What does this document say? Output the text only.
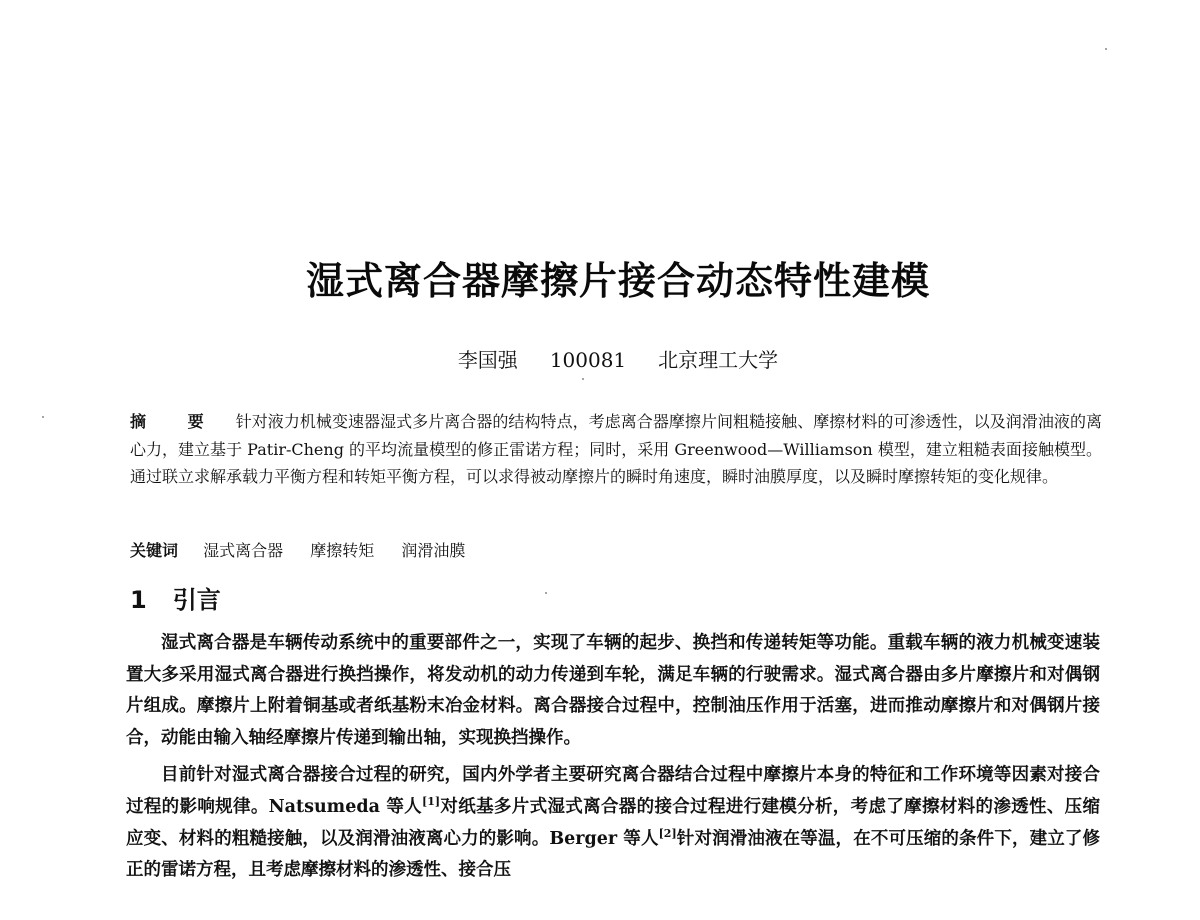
湿式离合器摩擦片接合动态特性建模
李国强 100081 北京理工大学
摘 要 针对液力机械变速器湿式多片离合器的结构特点，考虑离合器摩擦片间粗糙接触、摩擦材料的可渗透性，以及润滑油液的离心力，建立基于 Patir-Cheng 的平均流量模型的修正雷诺方程；同时，采用 Greenwood—Williamson 模型，建立粗糙表面接触模型。通过联立求解承载力平衡方程和转矩平衡方程，可以求得被动摩擦片的瞬时角速度，瞬时油膜厚度，以及瞬时摩擦转矩的变化规律。
关键词 湿式离合器 摩擦转矩 润滑油膜
1 引言

湿式离合器是车辆传动系统中的重要部件之一，实现了车辆的起步、换挡和传递转矩等功能。重载车辆的液力机械变速装置大多采用湿式离合器进行换挡操作，将发动机的动力传递到车轮，满足车辆的行驶需求。湿式离合器由多片摩擦片和对偶钢片组成。摩擦片上附着铜基或者纸基粉末冶金材料。离合器接合过程中，控制油压作用于活塞，进而推动摩擦片和对偶钢片接合，动能由输入轴经摩擦片传递到输出轴，实现换挡操作。

目前针对湿式离合器接合过程的研究，国内外学者主要研究离合器结合过程中摩擦片本身的特征和工作环境等因素对接合过程的影响规律。Natsumeda 等人[1]对纸基多片式湿式离合器的接合过程进行建模分析，考虑了摩擦材料的渗透性、压缩应变、材料的粗糙接触，以及润滑油液离心力的影响。Berger 等人[2]针对润滑油液在等温，在不可压缩的条件下，建立了修正的雷诺方程，且考虑摩擦材料的渗透性、接合压
